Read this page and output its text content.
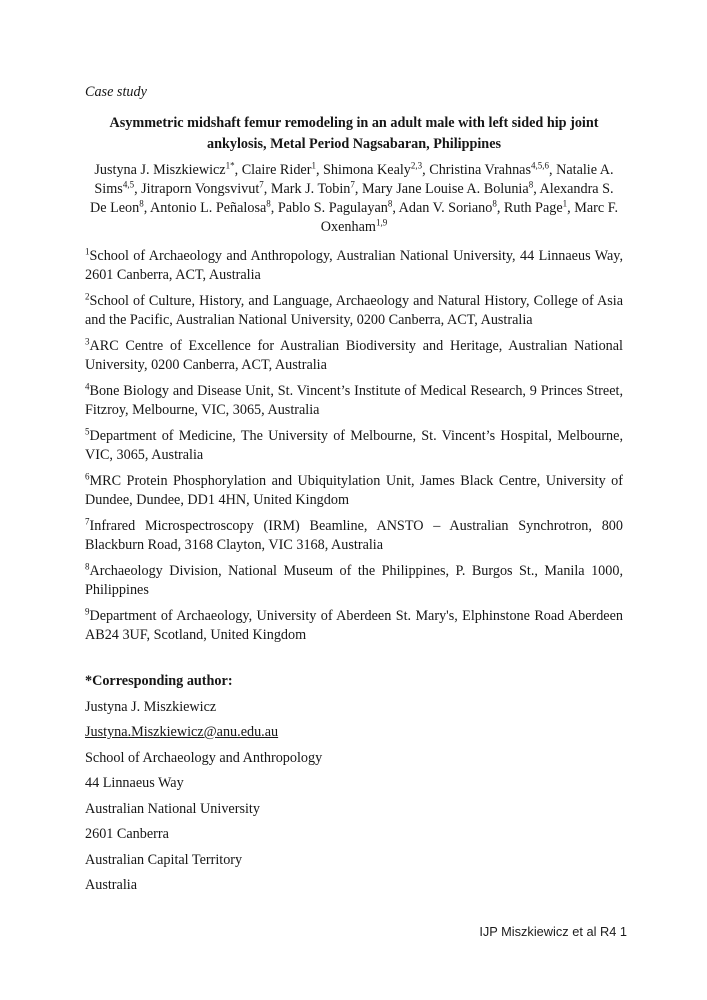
Case study

Asymmetric midshaft femur remodeling in an adult male with left sided hip joint ankylosis, Metal Period Nagsabaran, Philippines

Justyna J. Miszkiewicz$^{1*}$, Claire Rider$^1$, Shimona Kealy$^{2,3}$, Christina Vrahnas$^{4,5,6}$, Natalie A. Sims$^{4,5}$, Jitraporn Vongsvivut$^7$, Mark J. Tobin$^7$, Mary Jane Louise A. Bolunia$^8$, Alexandra S. De Leon$^8$, Antonio L. Peñalosa$^8$, Pablo S. Pagulayan$^8$, Adan V. Soriano$^8$, Ruth Page$^1$, Marc F. Oxenham$^{1,9}$

$^1$School of Archaeology and Anthropology, Australian National University, 44 Linnaeus Way, 2601 Canberra, ACT, Australia

$^2$School of Culture, History, and Language, Archaeology and Natural History, College of Asia and the Pacific, Australian National University, 0200 Canberra, ACT, Australia

$^3$ARC Centre of Excellence for Australian Biodiversity and Heritage, Australian National University, 0200 Canberra, ACT, Australia

$^4$Bone Biology and Disease Unit, St. Vincent’s Institute of Medical Research, 9 Princes Street, Fitzroy, Melbourne, VIC, 3065, Australia

$^5$Department of Medicine, The University of Melbourne, St. Vincent’s Hospital, Melbourne, VIC, 3065, Australia

$^6$MRC Protein Phosphorylation and Ubiquitylation Unit, James Black Centre, University of Dundee, Dundee, DD1 4HN, United Kingdom

$^7$Infrared Microspectroscopy (IRM) Beamline, ANSTO – Australian Synchrotron, 800 Blackburn Road, 3168 Clayton, VIC 3168, Australia

$^8$Archaeology Division, National Museum of the Philippines, P. Burgos St., Manila 1000, Philippines

$^9$Department of Archaeology, University of Aberdeen St. Mary's, Elphinstone Road Aberdeen AB24 3UF, Scotland, United Kingdom

*Corresponding author:

Justyna J. Miszkiewicz

Justyna.Miszkiewicz@anu.edu.au

School of Archaeology and Anthropology

44 Linnaeus Way

Australian National University

2601 Canberra

Australian Capital Territory

Australia

IJP Miszkiewicz et al R4 1
